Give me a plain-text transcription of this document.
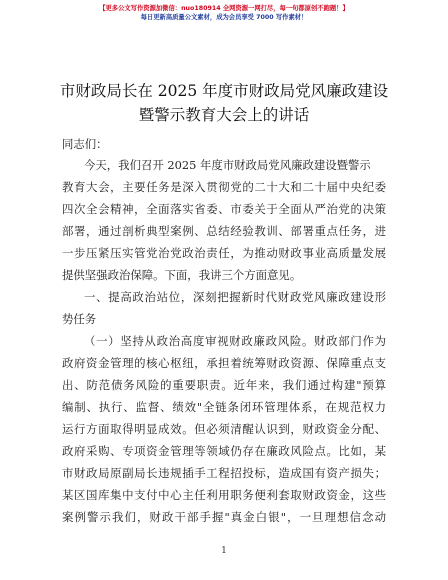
【更多公文写作资源加微信：nuo180914 全网资源一网打尽，每一句都原创不跑题！】
每日更新高质量公文素材，成为会员享受 7000 写作素材！
市财政局长在 2025 年度市财政局党风廉政建设
暨警示教育大会上的讲话
同志们：
今天，我们召开 2025 年度市财政局党风廉政建设暨警示
教育大会，主要任务是深入贯彻党的二十大和二十届中央纪委
四次全会精神，全面落实省委、市委关于全面从严治党的决策
部署，通过剖析典型案例、总结经验教训、部署重点任务，进
一步压紧压实管党治党政治责任，为推动财政事业高质量发展
提供坚强政治保障。下面，我讲三个方面意见。
一、提高政治站位，深刻把握新时代财政党风廉政建设形
势任务
（一）坚持从政治高度审视财政廉政风险。财政部门作为
政府资金管理的核心枢纽，承担着统筹财政资源、保障重点支
出、防范债务风险的重要职责。近年来，我们通过构建"预算
编制、执行、监督、绩效"全链条闭环管理体系，在规范权力
运行方面取得明显成效。但必须清醒认识到，财政资金分配、
政府采购、专项资金管理等领域仍存在廉政风险点。比如，某
市财政局原副局长违规插手工程招投标，造成国有资产损失；
某区国库集中支付中心主任利用职务便利套取财政资金，这些
案例警示我们，财政干部手握"真金白银"，一旦理想信念动
1
